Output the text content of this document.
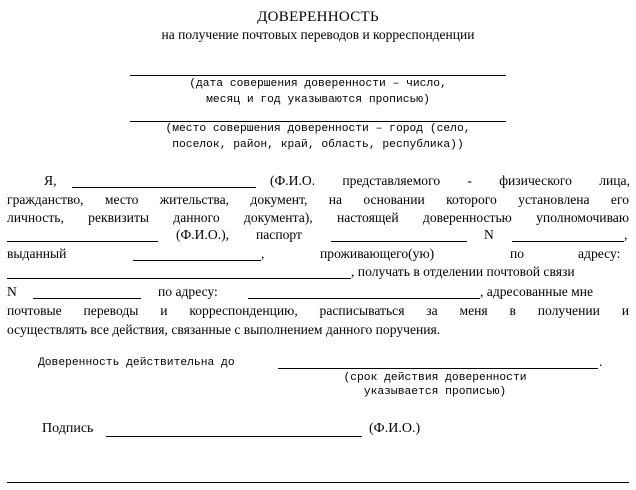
ДОВЕРЕННОСТЬ
на получение почтовых переводов и корреспонденции
(дата совершения доверенности – число,
месяц и год указываются прописью)
(место совершения доверенности – город (село,
поселок, район, край, область, республика))
Я,	(Ф.И.О. представляемого - физического лица,
гражданство, место жительства, документ, на основании которого установлена его
личность, реквизиты данного документа), настоящей доверенностью уполномочиваю
(Ф.И.О.), паспорт	N	,
выданный	,	проживающего(ую)	по	адресу:
, получать в отделении почтовой связи
N	по адресу:	, адресованные мне
почтовые переводы и корреспонденцию, расписываться за меня в получении и
осуществлять все действия, связанные с выполнением данного поручения.
Доверенность действительна до	.
(срок действия доверенности
указывается прописью)
Подпись	(Ф.И.О.)
